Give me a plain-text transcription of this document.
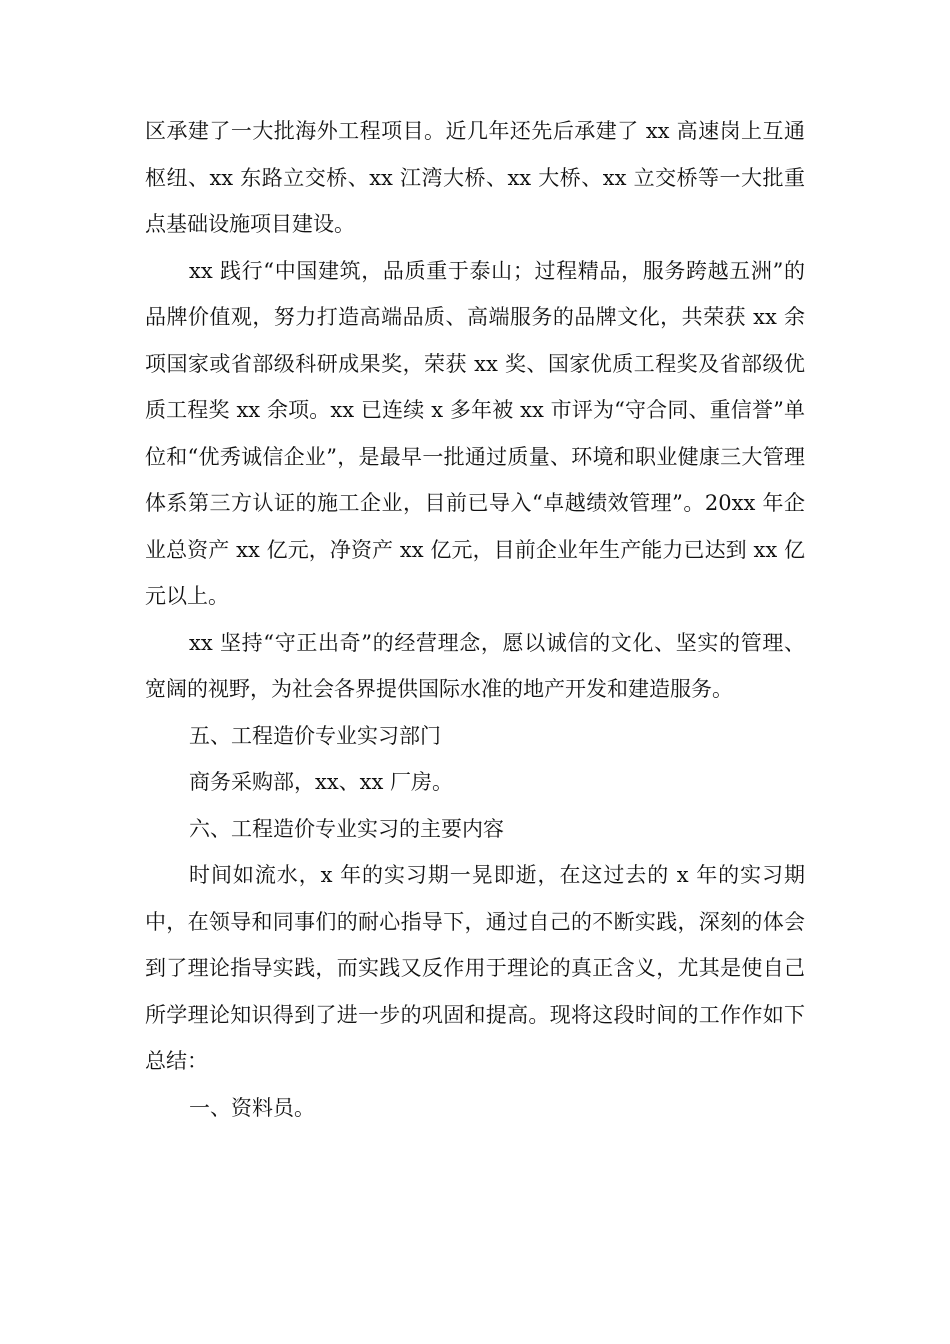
区承建了一大批海外工程项目。近几年还先后承建了 xx 高速岗上互通枢纽、xx 东路立交桥、xx 江湾大桥、xx 大桥、xx 立交桥等一大批重点基础设施项目建设。

xx 践行“中国建筑，品质重于泰山；过程精品，服务跨越五洲”的品牌价值观，努力打造高端品质、高端服务的品牌文化，共荣获 xx 余项国家或省部级科研成果奖，荣获 xx 奖、国家优质工程奖及省部级优质工程奖 xx 余项。xx 已连续 x 多年被 xx 市评为“守合同、重信誉”单位和“优秀诚信企业”，是最早一批通过质量、环境和职业健康三大管理体系第三方认证的施工企业，目前已导入“卓越绩效管理”。20xx 年企业总资产 xx 亿元，净资产 xx 亿元，目前企业年生产能力已达到 xx 亿元以上。

xx 坚持“守正出奇”的经营理念，愿以诚信的文化、坚实的管理、宽阔的视野，为社会各界提供国际水准的地产开发和建造服务。

五、工程造价专业实习部门

商务采购部，xx、xx 厂房。

六、工程造价专业实习的主要内容

时间如流水，x 年的实习期一晃即逝，在这过去的 x 年的实习期中，在领导和同事们的耐心指导下，通过自己的不断实践，深刻的体会到了理论指导实践，而实践又反作用于理论的真正含义，尤其是使自己所学理论知识得到了进一步的巩固和提高。现将这段时间的工作作如下总结：

一、资料员。
